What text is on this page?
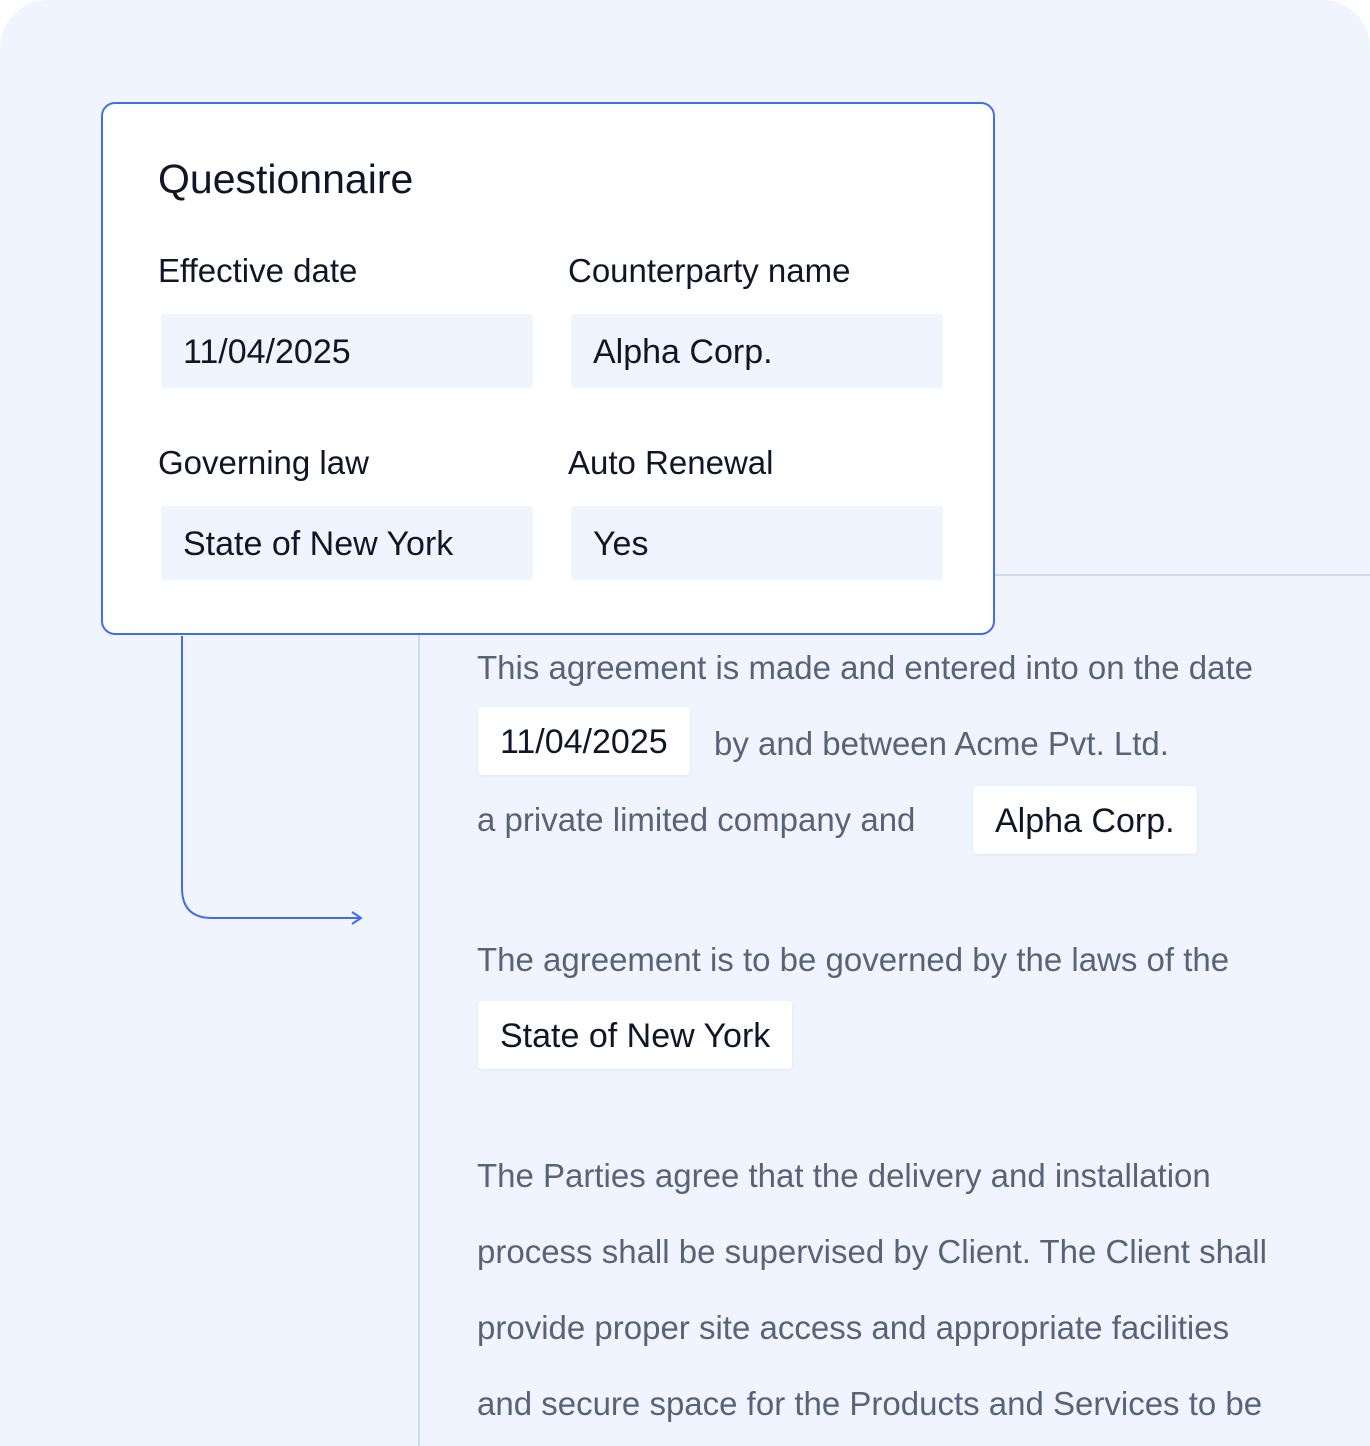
Questionnaire
Effective date
11/04/2025
Counterparty name
Alpha Corp.
Governing law
State of New York
Auto Renewal
Yes
This agreement is made and entered into on the date
11/04/2025	by and between Acme Pvt. Ltd.
a private limited company and	Alpha Corp.
The agreement is to be governed by the laws of the
State of New York
The Parties agree that the delivery and installation
process shall be supervised by Client. The Client shall
provide proper site access and appropriate facilities
and secure space for the Products and Services to be
